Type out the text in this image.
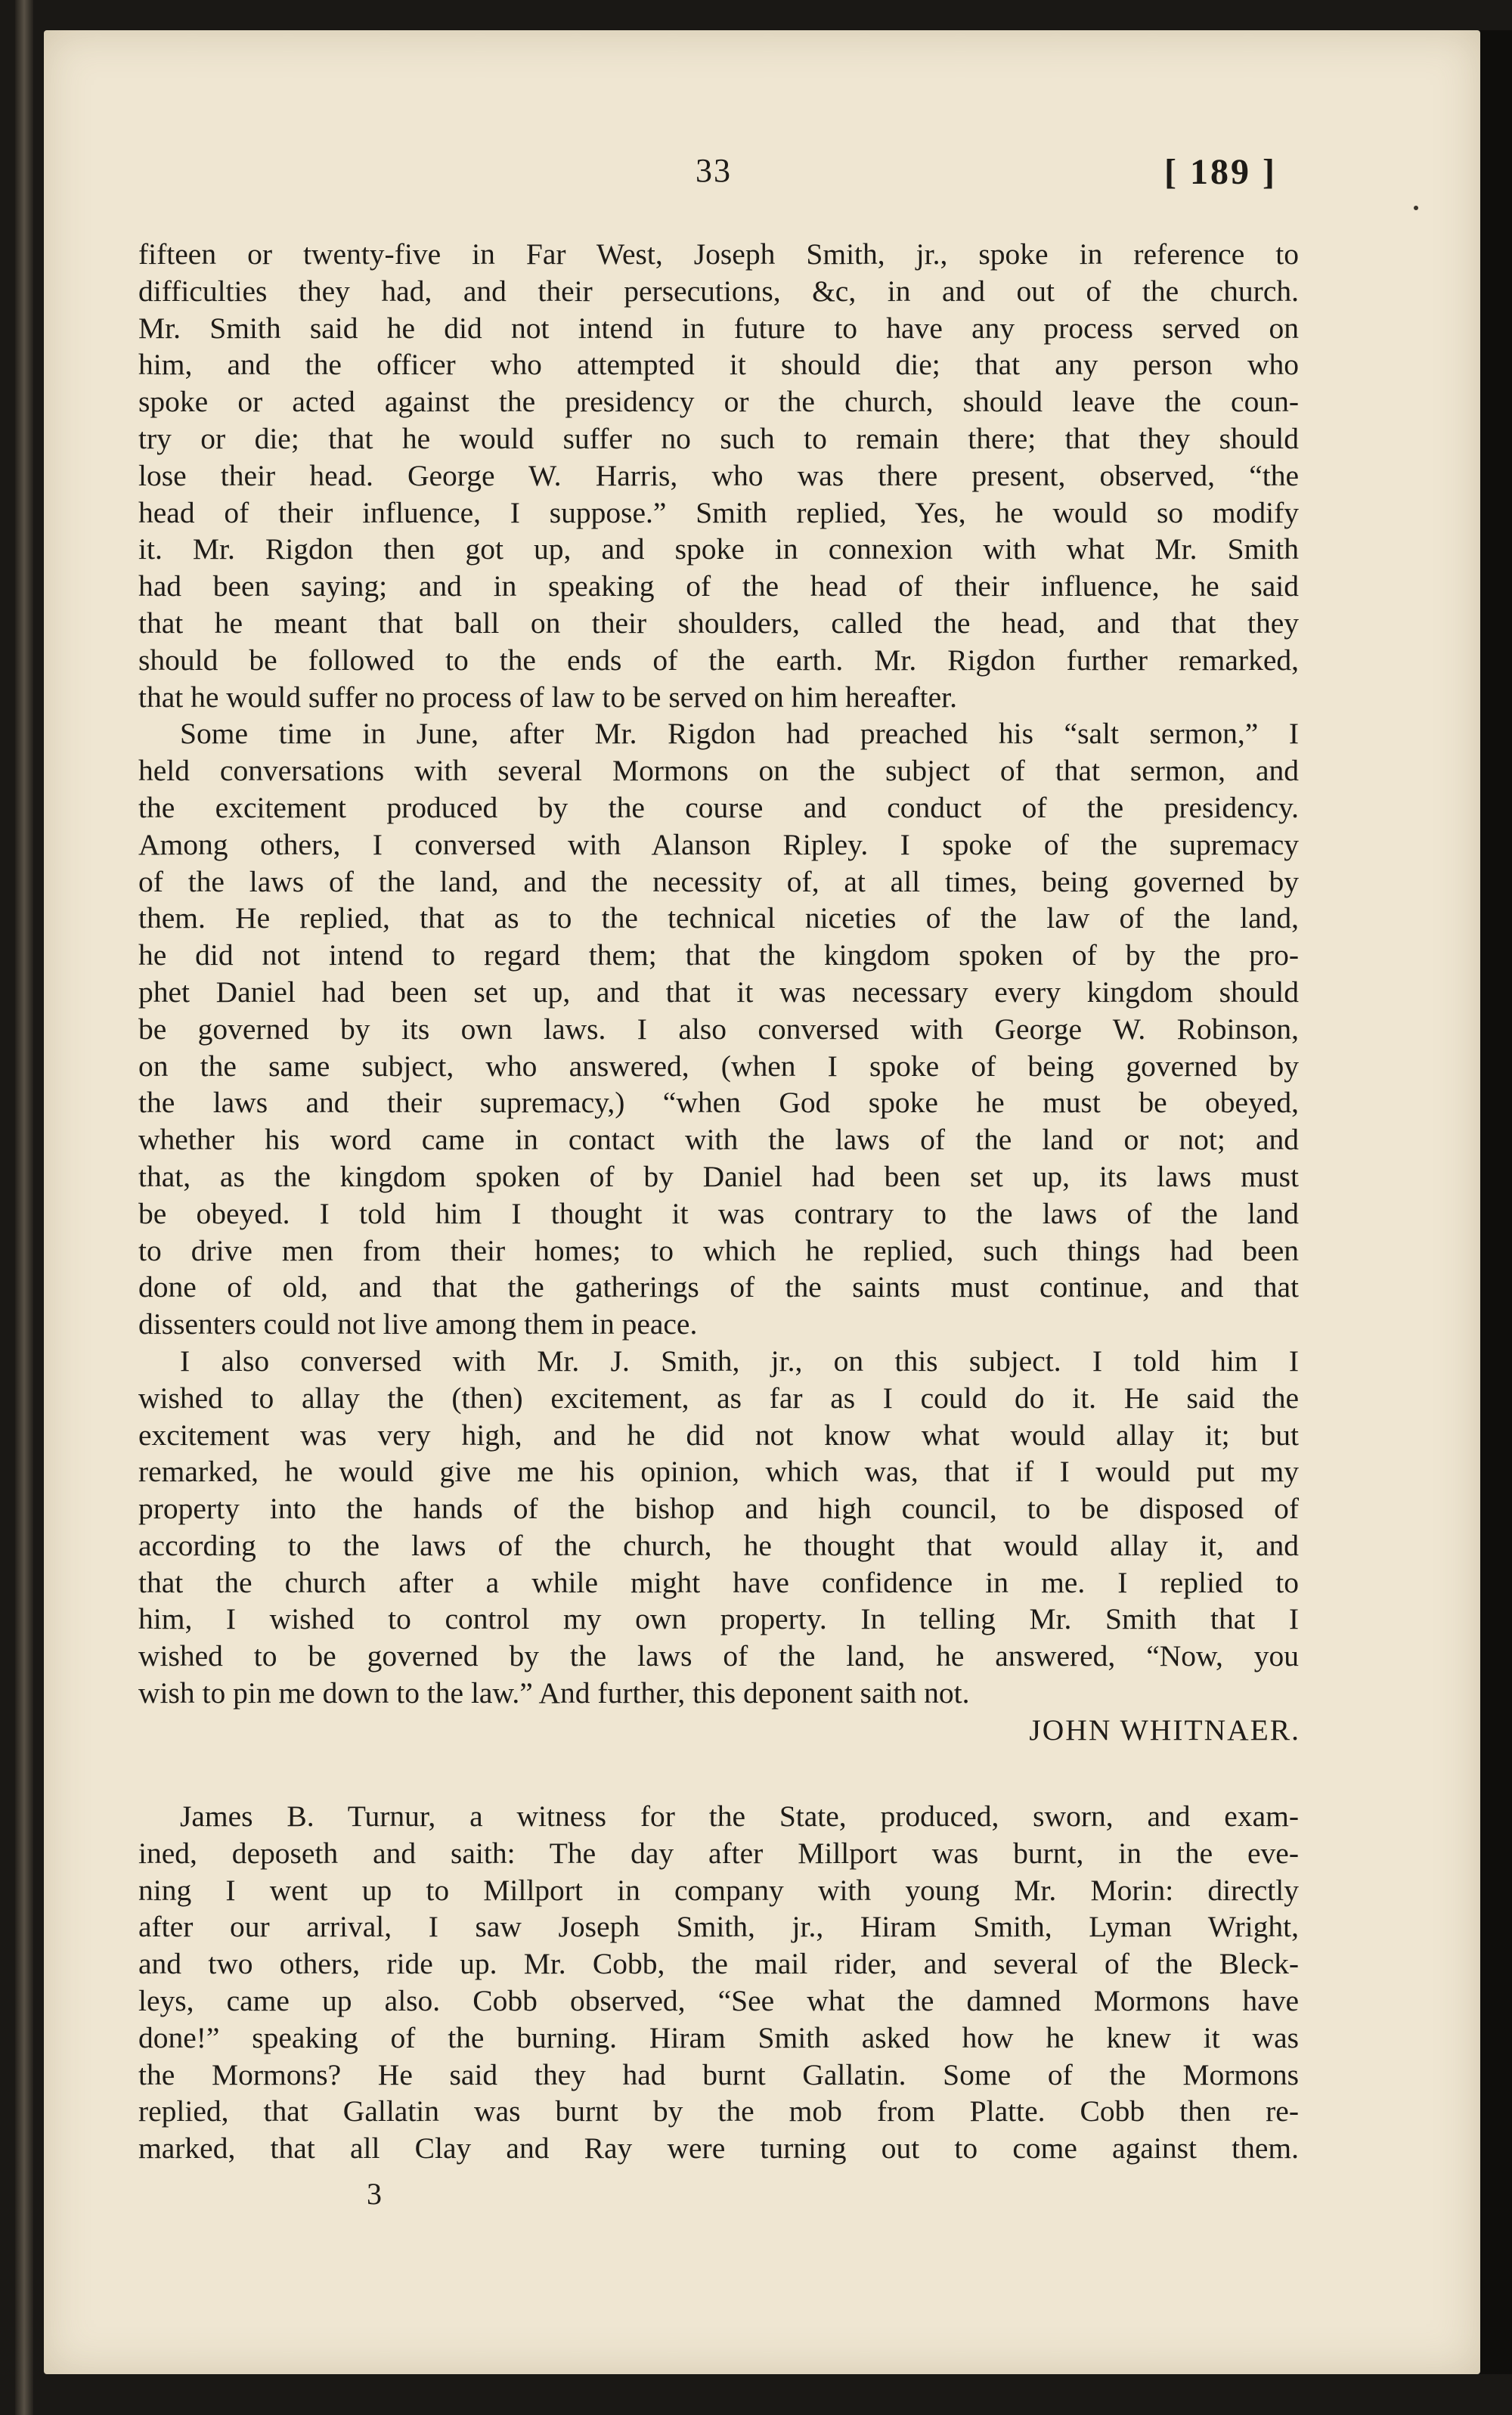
33	[ 189 ]
fifteen or twenty-five in Far West, Joseph Smith, jr., spoke in reference to
difficulties they had, and their persecutions, &c, in and out of the church.
Mr. Smith said he did not intend in future to have any process served on
him, and the officer who attempted it should die; that any person who
spoke or acted against the presidency or the church, should leave the coun-
try or die; that he would suffer no such to remain there; that they should
lose their head. George W. Harris, who was there present, observed, “the
head of their influence, I suppose.” Smith replied, Yes, he would so modify
it. Mr. Rigdon then got up, and spoke in connexion with what Mr. Smith
had been saying; and in speaking of the head of their influence, he said
that he meant that ball on their shoulders, called the head, and that they
should be followed to the ends of the earth. Mr. Rigdon further remarked,
that he would suffer no process of law to be served on him hereafter.
Some time in June, after Mr. Rigdon had preached his “salt sermon,” I
held conversations with several Mormons on the subject of that sermon, and
the excitement produced by the course and conduct of the presidency.
Among others, I conversed with Alanson Ripley. I spoke of the supremacy
of the laws of the land, and the necessity of, at all times, being governed by
them. He replied, that as to the technical niceties of the law of the land,
he did not intend to regard them; that the kingdom spoken of by the pro-
phet Daniel had been set up, and that it was necessary every kingdom should
be governed by its own laws. I also conversed with George W. Robinson,
on the same subject, who answered, (when I spoke of being governed by
the laws and their supremacy,) “when God spoke he must be obeyed,
whether his word came in contact with the laws of the land or not; and
that, as the kingdom spoken of by Daniel had been set up, its laws must
be obeyed. I told him I thought it was contrary to the laws of the land
to drive men from their homes; to which he replied, such things had been
done of old, and that the gatherings of the saints must continue, and that
dissenters could not live among them in peace.
I also conversed with Mr. J. Smith, jr., on this subject. I told him I
wished to allay the (then) excitement, as far as I could do it. He said the
excitement was very high, and he did not know what would allay it; but
remarked, he would give me his opinion, which was, that if I would put my
property into the hands of the bishop and high council, to be disposed of
according to the laws of the church, he thought that would allay it, and
that the church after a while might have confidence in me. I replied to
him, I wished to control my own property. In telling Mr. Smith that I
wished to be governed by the laws of the land, he answered, “Now, you
wish to pin me down to the law.” And further, this deponent saith not.
JOHN WHITNAER.
James B. Turnur, a witness for the State, produced, sworn, and exam-
ined, deposeth and saith: The day after Millport was burnt, in the eve-
ning I went up to Millport in company with young Mr. Morin: directly
after our arrival, I saw Joseph Smith, jr., Hiram Smith, Lyman Wright,
and two others, ride up. Mr. Cobb, the mail rider, and several of the Bleck-
leys, came up also. Cobb observed, “See what the damned Mormons have
done!” speaking of the burning. Hiram Smith asked how he knew it was
the Mormons? He said they had burnt Gallatin. Some of the Mormons
replied, that Gallatin was burnt by the mob from Platte. Cobb then re-
marked, that all Clay and Ray were turning out to come against them.
3
